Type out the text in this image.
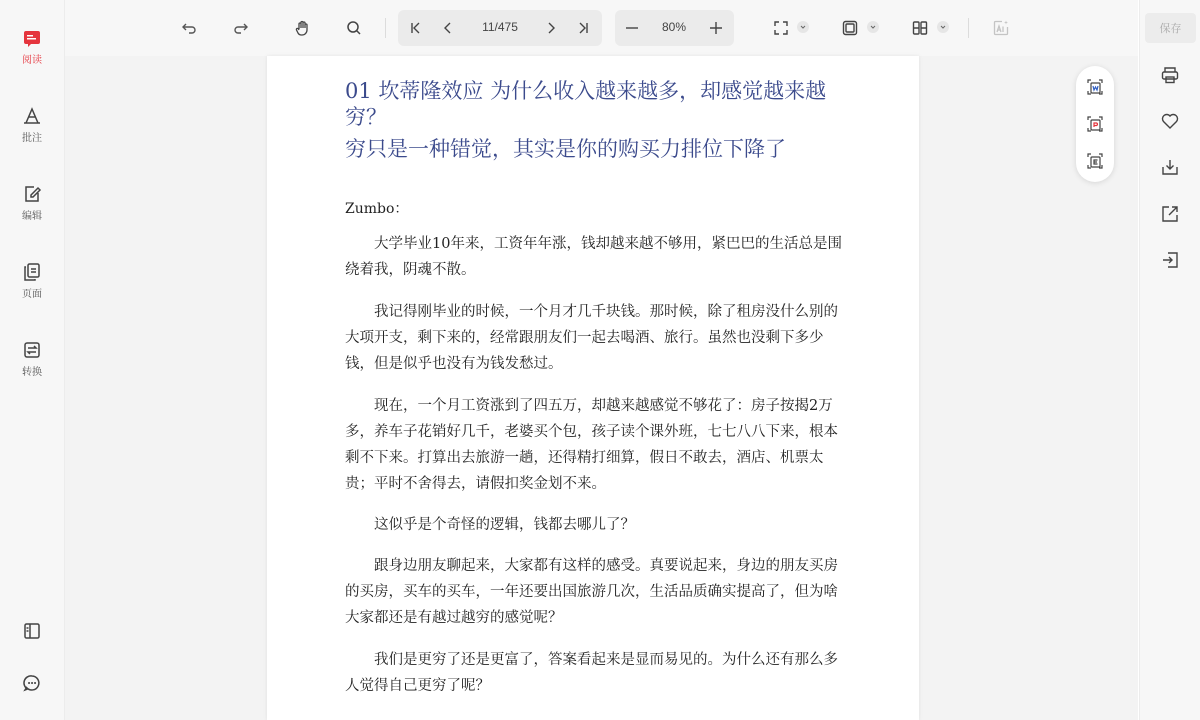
阅读
批注
编辑
页面
转换
11/475	80%
01 坎蒂隆效应 为什么收入越来越多，却感觉越来越穷？
穷只是一种错觉，其实是你的购买力排位下降了
Zumbo：

大学毕业10年来，工资年年涨，钱却越来越不够用，紧巴巴的生活总是围绕着我，阴魂不散。

我记得刚毕业的时候，一个月才几千块钱。那时候，除了租房没什么别的大项开支，剩下来的，经常跟朋友们一起去喝酒、旅行。虽然也没剩下多少钱，但是似乎也没有为钱发愁过。

现在，一个月工资涨到了四五万，却越来越感觉不够花了：房子按揭2万多，养车子花销好几千，老婆买个包，孩子读个课外班，七七八八下来，根本剩不下来。打算出去旅游一趟，还得精打细算，假日不敢去，酒店、机票太贵；平时不舍得去，请假扣奖金划不来。

这似乎是个奇怪的逻辑，钱都去哪儿了？

跟身边朋友聊起来，大家都有这样的感受。真要说起来，身边的朋友买房的买房，买车的买车，一年还要出国旅游几次，生活品质确实提高了，但为啥大家都还是有越过越穷的感觉呢？

我们是更穷了还是更富了，答案看起来是显而易见的。为什么还有那么多人觉得自己更穷了呢？

保存
